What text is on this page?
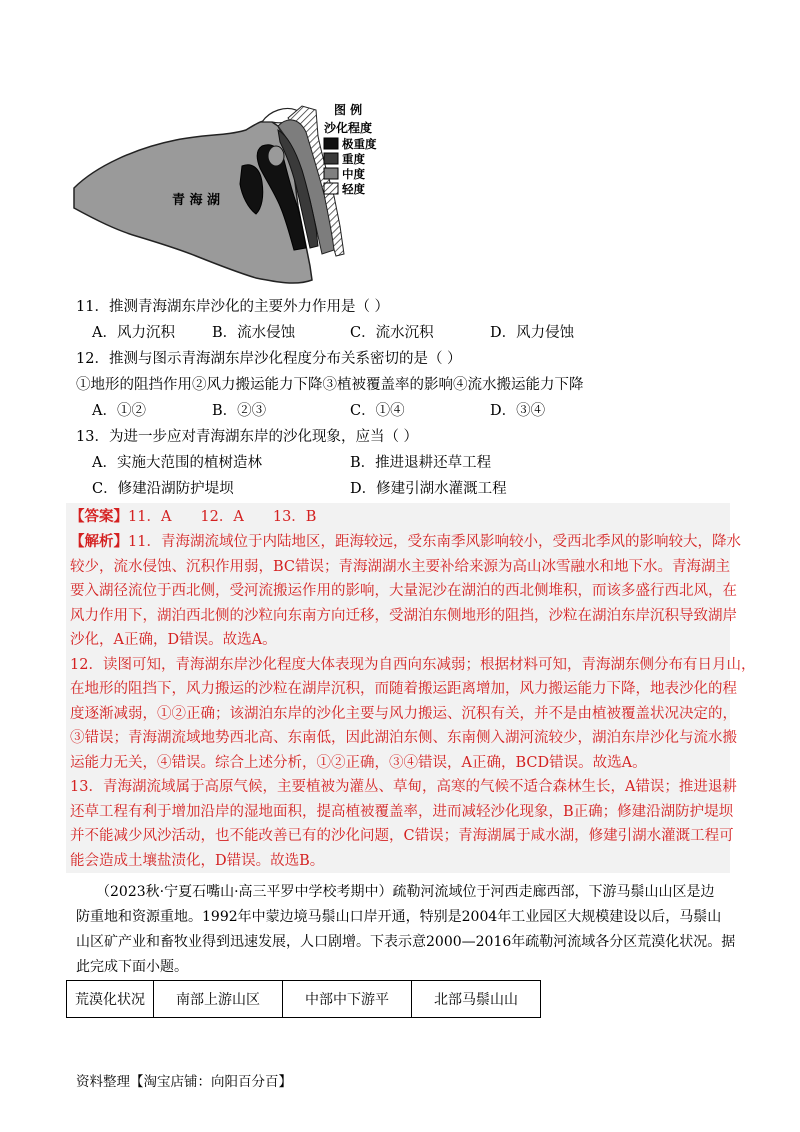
青 海 湖
图 例
沙化程度
极重度
重度
中度
轻度
11．推测青海湖东岸沙化的主要外力作用是（ ）
A．风力沉积	B．流水侵蚀	C．流水沉积	D．风力侵蚀
12．推测与图示青海湖东岸沙化程度分布关系密切的是（ ）
①地形的阻挡作用②风力搬运能力下降③植被覆盖率的影响④流水搬运能力下降
A．①②	B．②③	C．①④	D．③④
13．为进一步应对青海湖东岸的沙化现象，应当（ ）
A．实施大范围的植树造林	B．推进退耕还草工程
C．修建沿湖防护堤坝	D．修建引湖水灌溉工程
【答案】11．A　　12．A　　13．B
【解析】11．青海湖流域位于内陆地区，距海较远，受东南季风影响较小，受西北季风的影响较大，降水
较少，流水侵蚀、沉积作用弱，BC错误；青海湖湖水主要补给来源为高山冰雪融水和地下水。青海湖主
要入湖径流位于西北侧，受河流搬运作用的影响，大量泥沙在湖泊的西北侧堆积，而该多盛行西北风，在
风力作用下，湖泊西北侧的沙粒向东南方向迁移，受湖泊东侧地形的阻挡，沙粒在湖泊东岸沉积导致湖岸
沙化，A正确，D错误。故选A。
12．读图可知，青海湖东岸沙化程度大体表现为自西向东减弱；根据材料可知，青海湖东侧分布有日月山，
在地形的阻挡下，风力搬运的沙粒在湖岸沉积，而随着搬运距离增加，风力搬运能力下降，地表沙化的程
度逐渐减弱，①②正确；该湖泊东岸的沙化主要与风力搬运、沉积有关，并不是由植被覆盖状况决定的，
③错误；青海湖流域地势西北高、东南低，因此湖泊东侧、东南侧入湖河流较少，湖泊东岸沙化与流水搬
运能力无关，④错误。综合上述分析，①②正确，③④错误，A正确，BCD错误。故选A。
13．青海湖流域属于高原气候，主要植被为灌丛、草甸，高寒的气候不适合森林生长，A错误；推进退耕
还草工程有利于增加沿岸的湿地面积，提高植被覆盖率，进而减轻沙化现象，B正确；修建沿湖防护堤坝
并不能减少风沙活动，也不能改善已有的沙化问题，C错误；青海湖属于咸水湖，修建引湖水灌溉工程可
能会造成土壤盐渍化，D错误。故选B。
（2023秋·宁夏石嘴山·高三平罗中学校考期中）疏勒河流域位于河西走廊西部，下游马鬃山山区是边
防重地和资源重地。1992年中蒙边境马鬃山口岸开通，特别是2004年工业园区大规模建设以后，马鬃山
山区矿产业和畜牧业得到迅速发展，人口剧增。下表示意2000—2016年疏勒河流域各分区荒漠化状况。据
此完成下面小题。
荒漠化状况	南部上游山区	中部中下游平	北部马鬃山山
资料整理【淘宝店铺：向阳百分百】
